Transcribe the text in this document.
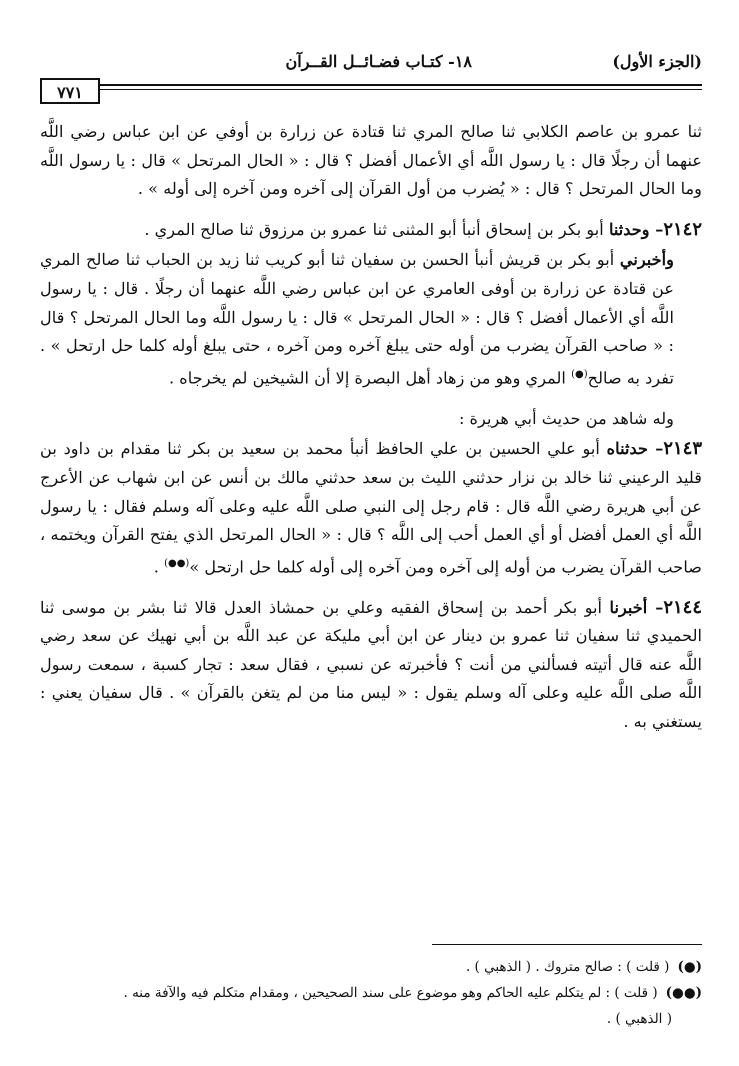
(الجزء الأول)
١٨- كتـاب فضـائــل القــرآن
٧٧١

ثنا عمرو بن عاصم الكلابي ثنا صالح المري ثنا قتادة عن زرارة بن أوفي عن ابن عباس رضي اللَّه عنهما أن رجلًا قال : يا رسول اللَّه أي الأعمال أفضل ؟ قال : « الحال المرتحل » قال : يا رسول اللَّه وما الحال المرتحل ؟ قال : « يُضرب من أول القرآن إلى آخره ومن آخره إلى أوله » .

٢١٤٢– وحدثنا أبو بكر بن إسحاق أنبأ أبو المثنى ثنا عمرو بن مرزوق ثنا صالح المري .

وأخبرني أبو بكر بن قريش أنبأ الحسن بن سفيان ثنا أبو كريب ثنا زيد بن الحباب ثنا صالح المري عن قتادة عن زرارة بن أوفى العامري عن ابن عباس رضي اللَّه عنهما أن رجلًا . قال : يا رسول اللَّه أي الأعمال أفضل ؟ قال : « الحال المرتحل » قال : يا رسول اللَّه وما الحال المرتحل ؟ قال : « صاحب القرآن يضرب من أوله حتى يبلغ آخره ومن آخره ، حتى يبلغ أوله كلما حل ارتحل » . تفرد به صالح(●) المري وهو من زهاد أهل البصرة إلا أن الشيخين لم يخرجاه .

وله شاهد من حديث أبي هريرة :

٢١٤٣– حدثناه أبو علي الحسين بن علي الحافظ أنبأ محمد بن سعيد بن بكر ثنا مقدام بن داود بن قليد الرعيني ثنا خالد بن نزار حدثني الليث بن سعد حدثني مالك بن أنس عن ابن شهاب عن الأعرج عن أبي هريرة رضي اللَّه قال : قام رجل إلى النبي صلى اللَّه عليه وعلى آله وسلم فقال : يا رسول اللَّه أي العمل أفضل أو أي العمل أحب إلى اللَّه ؟ قال : « الحال المرتحل الذي يفتح القرآن ويختمه ، صاحب القرآن يضرب من أوله إلى آخره ومن آخره إلى أوله كلما حل ارتحل »(●●) .

٢١٤٤– أخبرنا أبو بكر أحمد بن إسحاق الفقيه وعلي بن حمشاذ العدل قالا ثنا بشر بن موسى ثنا الحميدي ثنا سفيان ثنا عمرو بن دينار عن ابن أبي مليكة عن عبد اللَّه بن أبي نهيك عن سعد رضي اللَّه عنه قال أتيته فسألني من أنت ؟ فأخبرته عن نسبي ، فقال سعد : تجار كسبة ، سمعت رسول اللَّه صلى اللَّه عليه وعلى آله وسلم يقول : « ليس منا من لم يتغن بالقرآن » . قال سفيان يعني : يستغني به .

(●)( قلت ) : صالح متروك . ( الذهبي ) .

(●●)( قلت ) : لم يتكلم عليه الحاكم وهو موضوع على سند الصحيحين ، ومقدام متكلم فيه والآفة منه .

( الذهبي ) .
